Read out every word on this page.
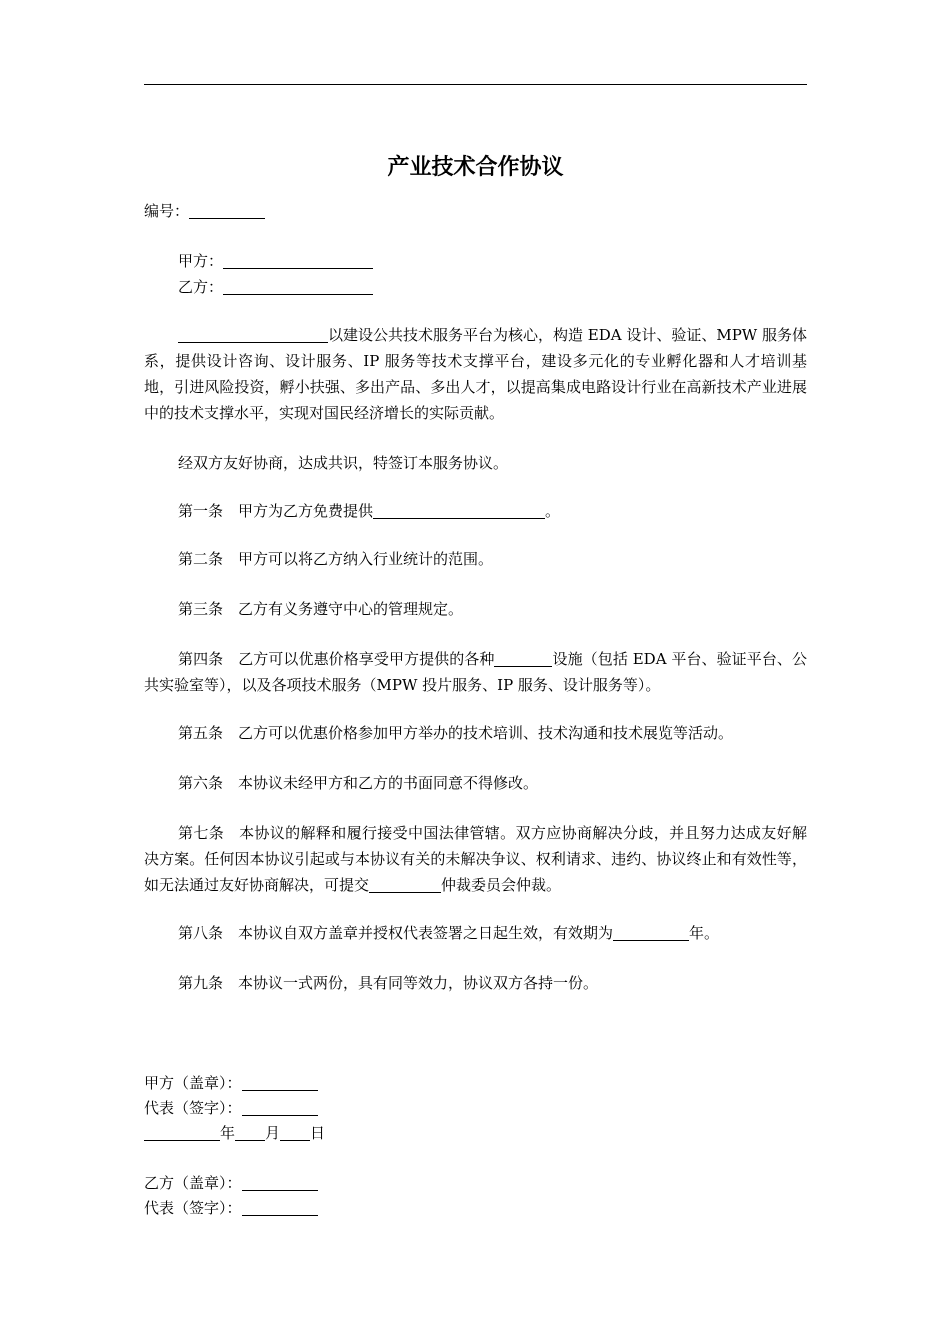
产业技术合作协议
编号：
甲方：
乙方：
以建设公共技术服务平台为核心，构造 EDA 设计、验证、MPW 服务体系，提供设计咨询、设计服务、IP 服务等技术支撑平台，建设多元化的专业孵化器和人才培训基地，引进风险投资，孵小扶强、多出产品、多出人才，以提高集成电路设计行业在高新技术产业进展中的技术支撑水平，实现对国民经济增长的实际贡献。
经双方友好协商，达成共识，特签订本服务协议。
第一条 甲方为乙方免费提供	。
第二条 甲方可以将乙方纳入行业统计的范围。
第三条 乙方有义务遵守中心的管理规定。
第四条 乙方可以优惠价格享受甲方提供的各种	设施（包括 EDA 平台、验证平台、公共实验室等），以及各项技术服务（MPW 投片服务、IP 服务、设计服务等）。
第五条 乙方可以优惠价格参加甲方举办的技术培训、技术沟通和技术展览等活动。
第六条 本协议未经甲方和乙方的书面同意不得修改。
第七条 本协议的解释和履行接受中国法律管辖。双方应协商解决分歧，并且努力达成友好解决方案。任何因本协议引起或与本协议有关的未解决争议、权利请求、违约、协议终止和有效性等，如无法通过友好协商解决，可提交	仲裁委员会仲裁。
第八条 本协议自双方盖章并授权代表签署之日起生效，有效期为	年。
第九条 本协议一式两份，具有同等效力，协议双方各持一份。
甲方（盖章）：
代表（签字）：
年 月 日
乙方（盖章）：
代表（签字）：
